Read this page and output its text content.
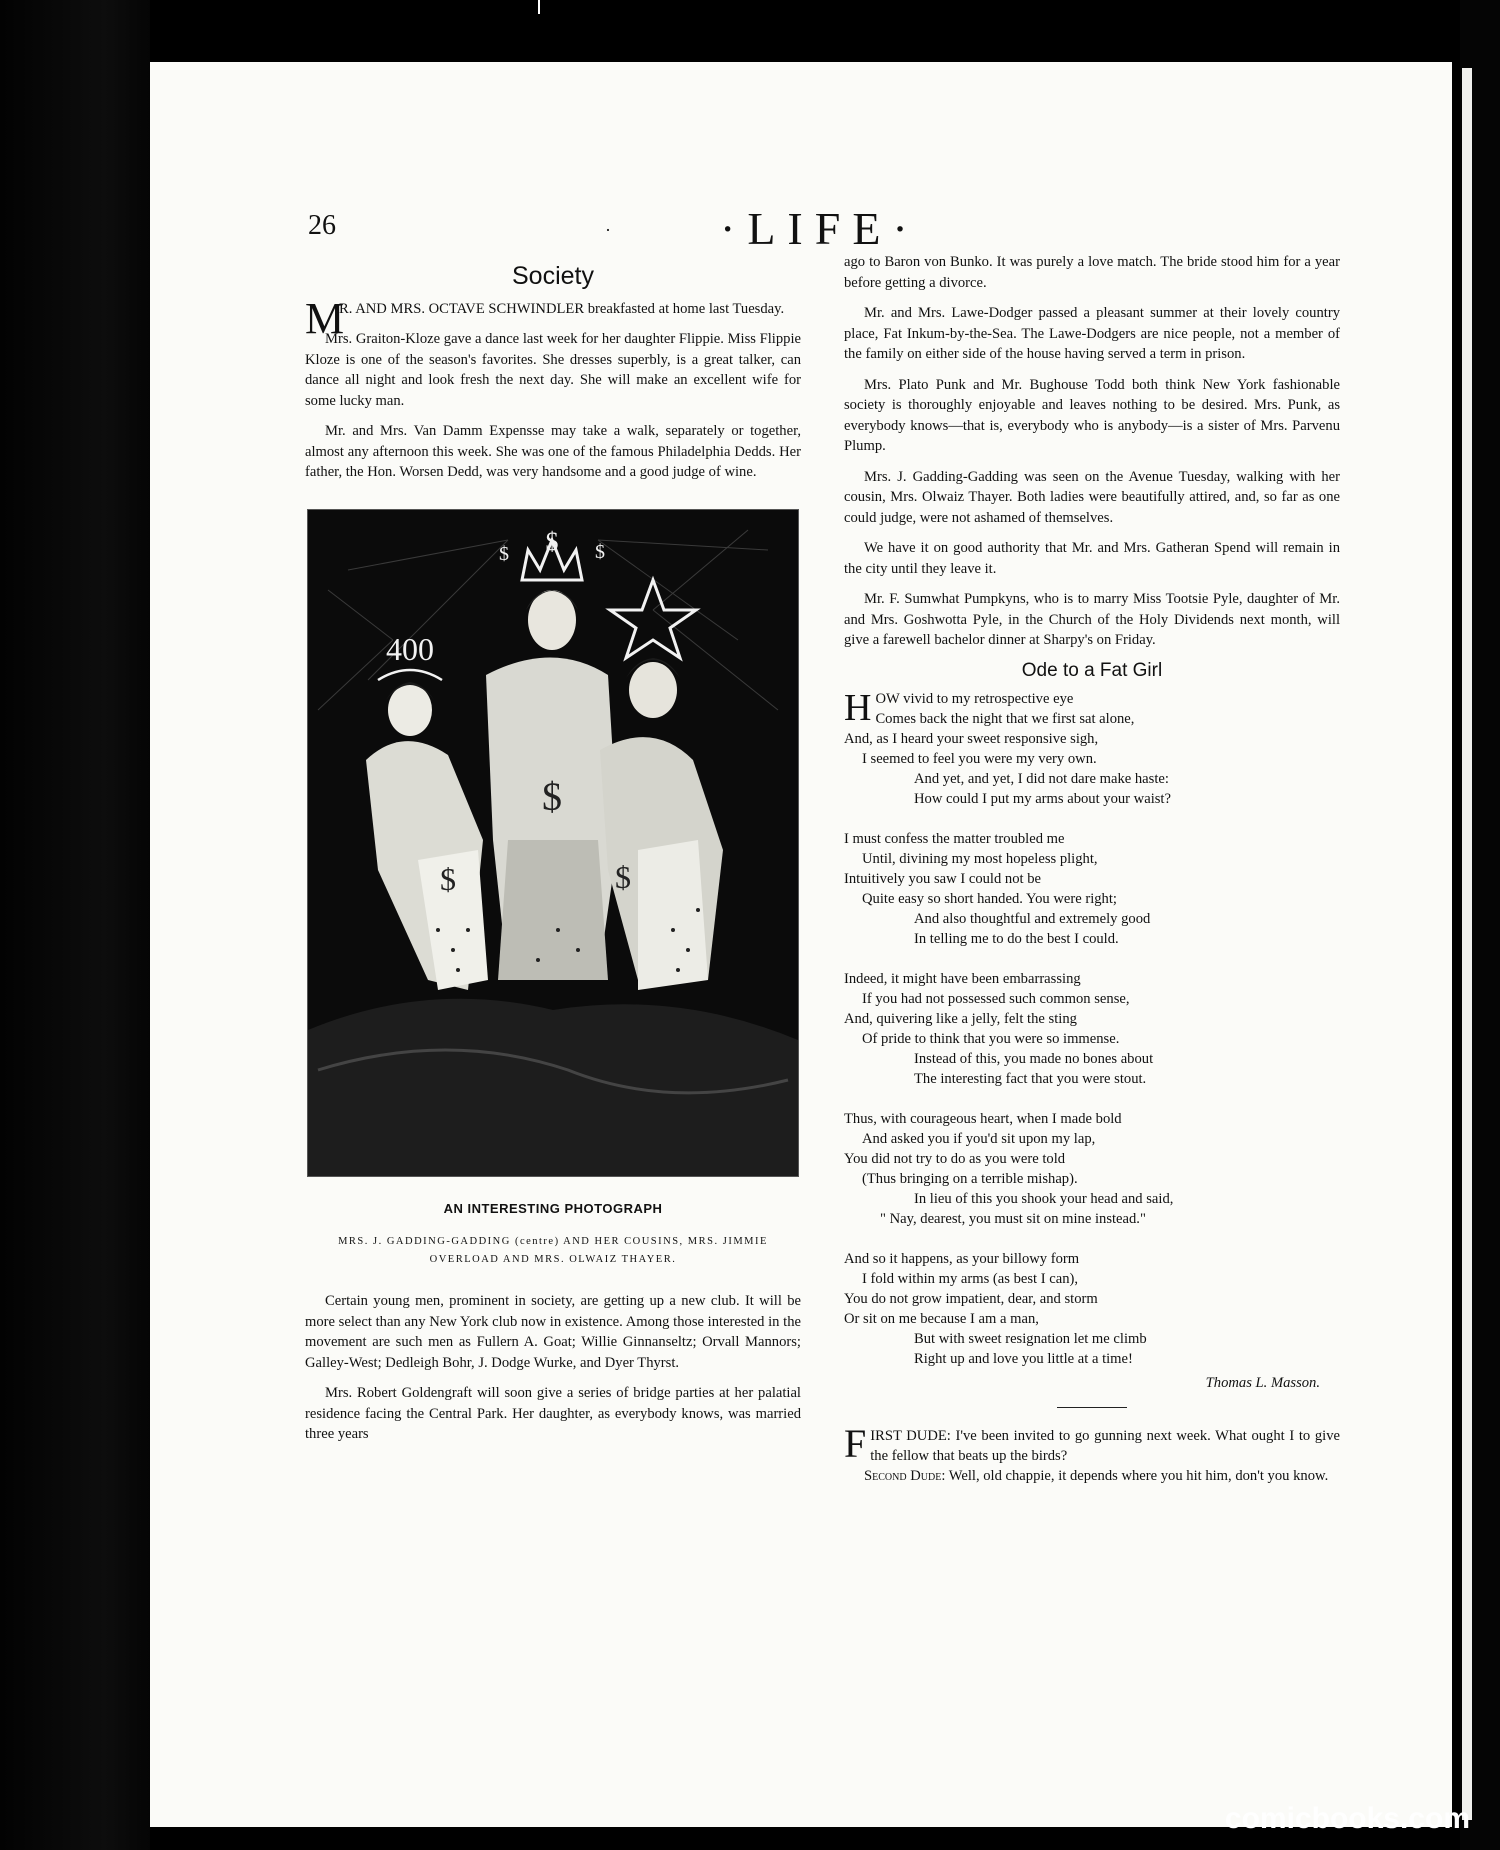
26	· ·LIFE·
Society

M
R. AND MRS. OCTAVE SCHWINDLER breakfasted at home last Tuesday.

Mrs. Graiton-Kloze gave a dance last week for her daughter Flippie. Miss Flippie Kloze is one of the season's favorites. She dresses superbly, is a great talker, can dance all night and look fresh the next day. She will make an excellent wife for some lucky man.

Mr. and Mrs. Van Damm Expensse may take a walk, separately or together, almost any afternoon this week. She was one of the famous Philadelphia Dedds. Her father, the Hon. Worsen Dedd, was very handsome and a good judge of wine.

$
$
$	$
$
400
$
AN INTERESTING PHOTOGRAPH
MRS. J. GADDING-GADDING (centre) AND HER COUSINS, MRS. JIMMIE OVERLOAD AND MRS. OLWAIZ THAYER.

Certain young men, prominent in society, are getting up a new club. It will be more select than any New York club now in existence. Among those interested in the movement are such men as Fullern A. Goat; Willie Ginnanseltz; Orvall Mannors; Galley-West; Dedleigh Bohr, J. Dodge Wurke, and Dyer Thyrst.

Mrs. Robert Goldengraft will soon give a series of bridge parties at her palatial residence facing the Central Park. Her daughter, as everybody knows, was married three years

ago to Baron von Bunko. It was purely a love match. The bride stood him for a year before getting a divorce.

Mr. and Mrs. Lawe-Dodger passed a pleasant summer at their lovely country place, Fat Inkum-by-the-Sea. The Lawe-Dodgers are nice people, not a member of the family on either side of the house having served a term in prison.

Mrs. Plato Punk and Mr. Bughouse Todd both think New York fashionable society is thoroughly enjoyable and leaves nothing to be desired. Mrs. Punk, as everybody knows—that is, everybody who is anybody—is a sister of Mrs. Parvenu Plump.

Mrs. J. Gadding-Gadding was seen on the Avenue Tuesday, walking with her cousin, Mrs. Olwaiz Thayer. Both ladies were beautifully attired, and, so far as one could judge, were not ashamed of themselves.

We have it on good authority that Mr. and Mrs. Gatheran Spend will remain in the city until they leave it.

Mr. F. Sumwhat Pumpkyns, who is to marry Miss Tootsie Pyle, daughter of Mr. and Mrs. Goshwotta Pyle, in the Church of the Holy Dividends next month, will give a farewell bachelor dinner at Sharpy's on Friday.

Ode to a Fat Girl
H OW vivid to my retrospective eye
Comes back the night that we first sat alone,
And, as I heard your sweet responsive sigh,
I seemed to feel you were my very own.
And yet, and yet, I did not dare make haste:
How could I put my arms about your waist?
I must confess the matter troubled me
Until, divining my most hopeless plight,
Intuitively you saw I could not be
Quite easy so short handed. You were right;
And also thoughtful and extremely good
In telling me to do the best I could.
Indeed, it might have been embarrassing
If you had not possessed such common sense,
And, quivering like a jelly, felt the sting
Of pride to think that you were so immense.
Instead of this, you made no bones about
The interesting fact that you were stout.
Thus, with courageous heart, when I made bold
And asked you if you'd sit upon my lap,
You did not try to do as you were told
(Thus bringing on a terrible mishap).
In lieu of this you shook your head and said,
" Nay, dearest, you must sit on mine instead."
And so it happens, as your billowy form
I fold within my arms (as best I can),
You do not grow impatient, dear, and storm
Or sit on me because I am a man,
But with sweet resignation let me climb
Right up and love you little at a time!
Thomas L. Masson.
F IRST DUDE: I've been invited to go gunning next week. What ought I to give the fellow that beats up the birds?
Second Dude: Well, old chappie, it depends where you hit him, don't you know.
comicbooks.com
